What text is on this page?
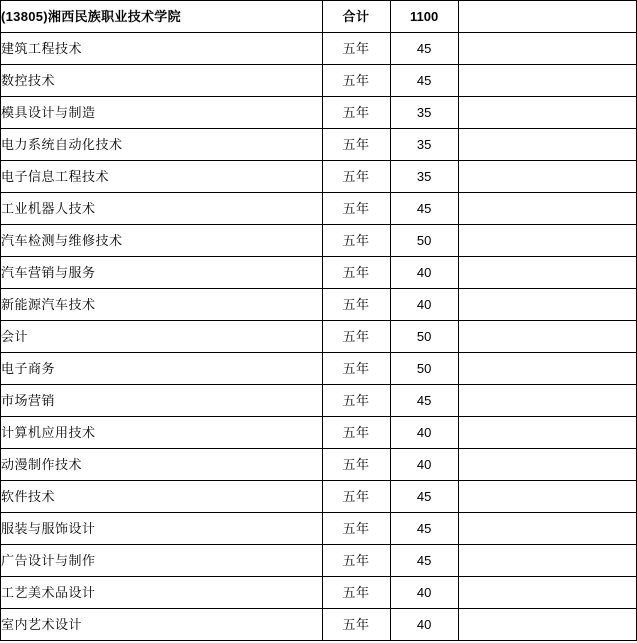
(13805)湘西民族职业技术学院	合计	1100	

建筑工程技术	五年	45	

数控技术	五年	45	

模具设计与制造	五年	35	

电力系统自动化技术	五年	35	

电子信息工程技术	五年	35	

工业机器人技术	五年	45	

汽车检测与维修技术	五年	50	

汽车营销与服务	五年	40	

新能源汽车技术	五年	40	

会计	五年	50	

电子商务	五年	50	

市场营销	五年	45	

计算机应用技术	五年	40	

动漫制作技术	五年	40	

软件技术	五年	45	

服装与服饰设计	五年	45	

广告设计与制作	五年	45	

工艺美术品设计	五年	40	

室内艺术设计	五年	40	
